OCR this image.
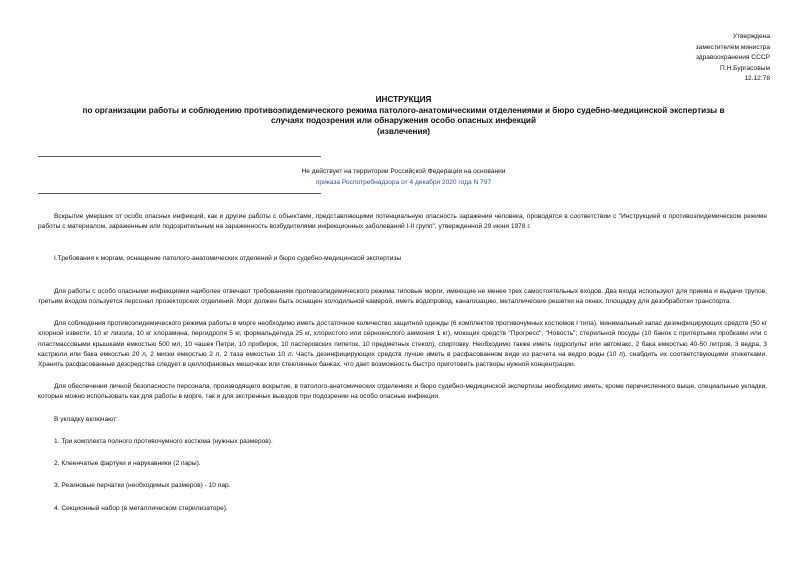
Утверждена
заместителем министра
здравоохранения СССР
П.Н.Бургасовым
12.12.78
ИНСТРУКЦИЯ
по организации работы и соблюдению противоэпидемического режима патолого-анатомическими отделениями и бюро судебно-медицинской экспертизы в
случаях подозрения или обнаружения особо опасных инфекций
(извлечения)
Не действует на территории Российской Федерации на основании
приказа Роспотребнадзора от 4 декабря 2020 года N 797

Вскрытие умерших от особо опасных инфекций, как и другие работы с объектами, представляющими потенциальную опасность заражения человека, проводятся в соответствии с "Инструкцией о противоэпидемическом режиме работы с материалом, зараженным или подозрительным на зараженность возбудителями инфекционных заболеваний I-II групп", утвержденной 29 июня 1978 г.

I.Требования к моргам, оснащение патолого-анатомических отделений и бюро судебно-медицинской экспертизы

Для работы с особо опасными инфекциями наиболее отвечают требованиям противоэпидемического режима типовые морги, имеющие не менее трех самостоятельных входов. Два входа используют для приема и выдачи трупов, третьим входом пользуется персонал прозекторских отделений. Морг должен быть оснащен холодильной камерой, иметь водопровод, канализацию, металлические решетки на окнах, площадку для дезобработки транспорта.

Для соблюдения противоэпидемического режима работы в морге необходимо иметь достаточное количество защитной одежды (6 комплектов противочумных костюмов I типа), минимальный запас дезинфицирующих средств (50 кг хлорной извести, 10 кг лизола, 10 кг хлорамина, пергидроля 5 кг, формальдегида 25 кг, хлористого или сернокислого аммония 1 кг), моющих средств "Прогресс", "Новость"; стерильной посуды (10 банок с притертыми пробками или с пластмассовыми крышками емкостью 500 мл, 10 чашек Петри, 10 пробирок, 10 пастеровских пипеток, 10 предметных стекол), спиртовку. Необходимо также иметь гидропульт или автомакс, 2 бака емкостью 40-50 литров, 3 ведра, 3 кастрюли или бака емкостью 20 л, 2 миски емкостью 2 л, 2 таза емкостью 10 л. Часть дезинфицирующих средств лучше иметь в расфасованном виде из расчета на ведро воды (10 л), снабдить их соответствующими этикетками. Хранить расфасованные дезсредства следует в целлофановых мешочках или стеклянных банках, что дает возможность быстро приготовить растворы нужной концентрации.

Для обеспечения личной безопасности персонала, производящего вскрытие, в патолого-анатомических отделениях и бюро судебно-медицинской экспертизы необходимо иметь, кроме перечисленного выше, специальные укладки, которые можно использовать как для работы в морге, так и для экстренных выездов при подозрении на особо опасные инфекции.

В укладку включают:
1. Три комплекта полного противочумного костюма (нужных размеров).
2. Клеенчатые фартуки и нарукавники (2 пары).
3. Резиновые перчатки (необходимых размеров) - 10 пар.
4. Секционный набор (в металлическом стерилизаторе).
